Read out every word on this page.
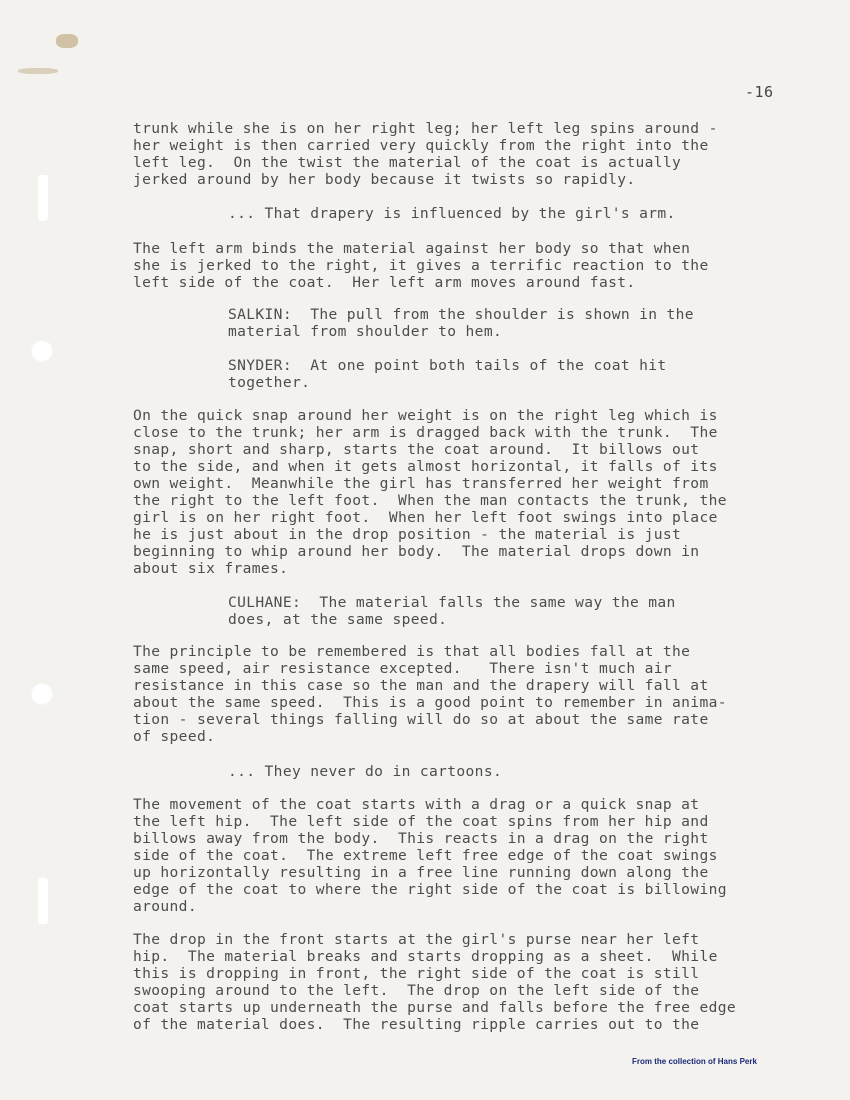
-16

trunk while she is on her right leg; her left leg spins around -
her weight is then carried very quickly from the right into the
left leg.  On the twist the material of the coat is actually
jerked around by her body because it twists so rapidly.

... That drapery is influenced by the girl's arm.

The left arm binds the material against her body so that when
she is jerked to the right, it gives a terrific reaction to the
left side of the coat.  Her left arm moves around fast.

SALKIN:  The pull from the shoulder is shown in the
material from shoulder to hem.

SNYDER:  At one point both tails of the coat hit
together.

On the quick snap around her weight is on the right leg which is
close to the trunk; her arm is dragged back with the trunk.  The
snap, short and sharp, starts the coat around.  It billows out
to the side, and when it gets almost horizontal, it falls of its
own weight.  Meanwhile the girl has transferred her weight from
the right to the left foot.  When the man contacts the trunk, the
girl is on her right foot.  When her left foot swings into place
he is just about in the drop position - the material is just
beginning to whip around her body.  The material drops down in
about six frames.

CULHANE:  The material falls the same way the man
does, at the same speed.

The principle to be remembered is that all bodies fall at the
same speed, air resistance excepted.   There isn't much air
resistance in this case so the man and the drapery will fall at
about the same speed.  This is a good point to remember in anima-
tion - several things falling will do so at about the same rate
of speed.

... They never do in cartoons.

The movement of the coat starts with a drag or a quick snap at
the left hip.  The left side of the coat spins from her hip and
billows away from the body.  This reacts in a drag on the right
side of the coat.  The extreme left free edge of the coat swings
up horizontally resulting in a free line running down along the
edge of the coat to where the right side of the coat is billowing
around.

The drop in the front starts at the girl's purse near her left
hip.  The material breaks and starts dropping as a sheet.  While
this is dropping in front, the right side of the coat is still
swooping around to the left.  The drop on the left side of the
coat starts up underneath the purse and falls before the free edge
of the material does.  The resulting ripple carries out to the

From the collection of Hans Perk
